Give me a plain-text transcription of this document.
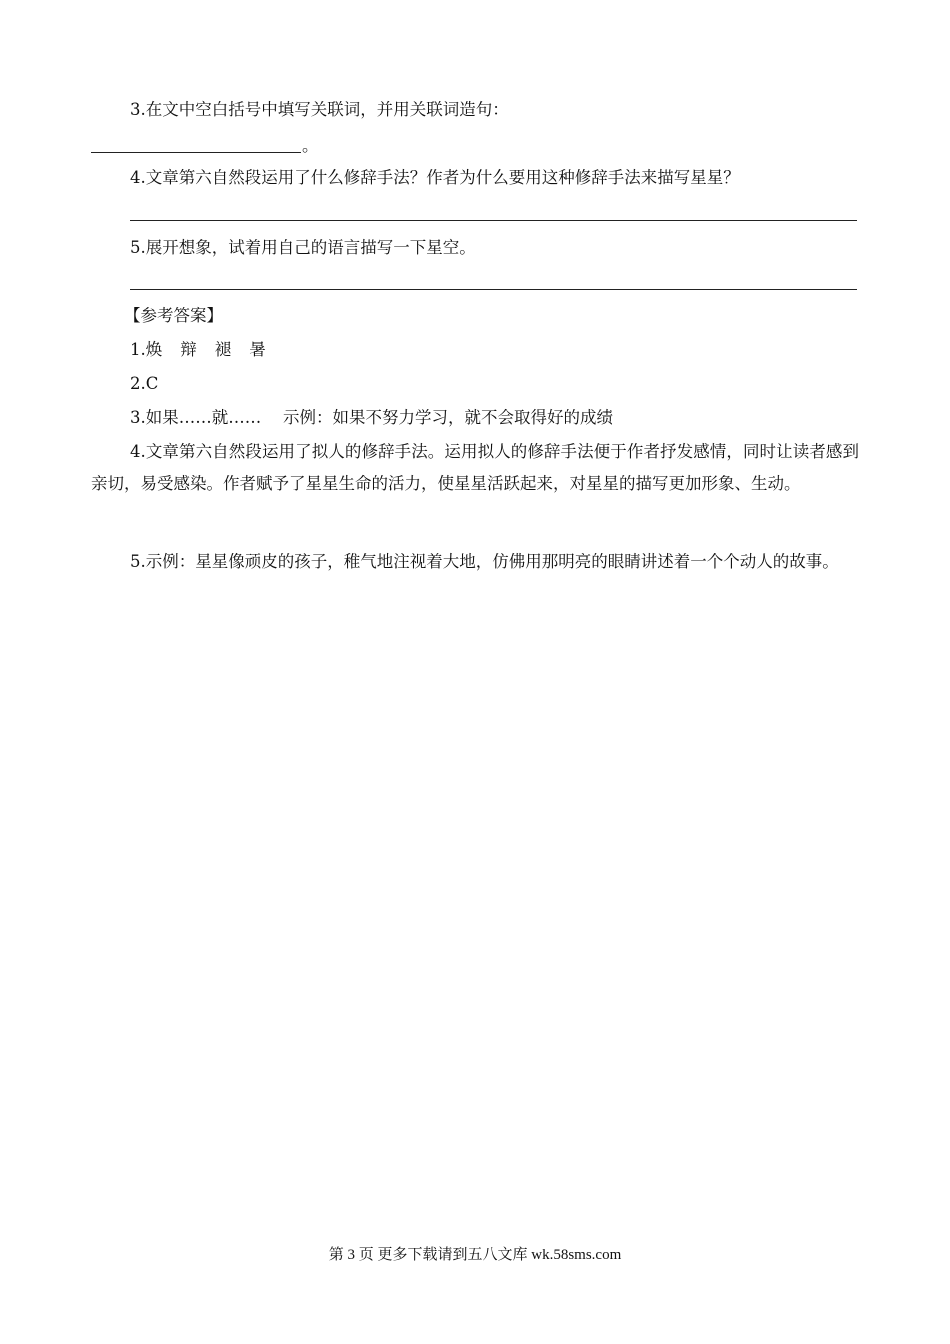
3.在文中空白括号中填写关联词，并用关联词造句：
。
4.文章第六自然段运用了什么修辞手法？作者为什么要用这种修辞手法来描写星星？
5.展开想象，试着用自己的语言描写一下星空。
【参考答案】
1.焕 辩 褪 暑
2.C
3.如果……就……　 示例：如果不努力学习，就不会取得好的成绩
4.文章第六自然段运用了拟人的修辞手法。运用拟人的修辞手法便于作者抒发感情，同时让读者感到亲切，易受感染。作者赋予了星星生命的活力，使星星活跃起来，对星星的描写更加形象、生动。
5.示例：星星像顽皮的孩子，稚气地注视着大地，仿佛用那明亮的眼睛讲述着一个个动人的故事。
第 3 页 更多下载请到五八文库 wk.58sms.com
